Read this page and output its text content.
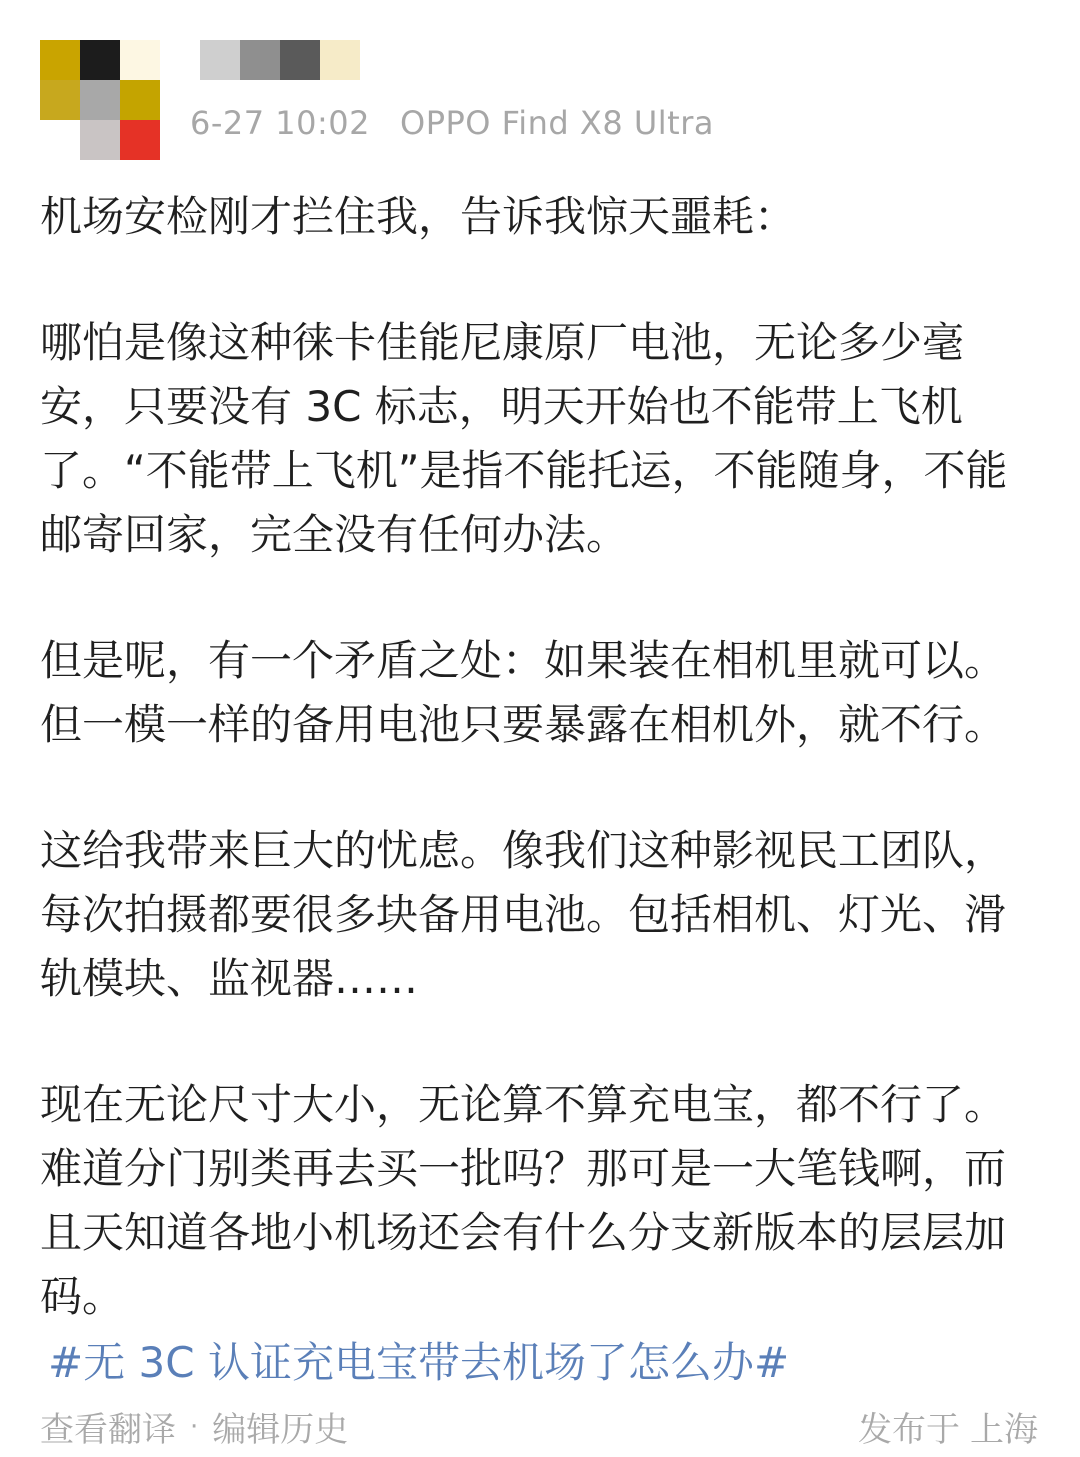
6-27 10:02 OPPO Find X8 Ultra

机场安检刚才拦住我，告诉我惊天噩耗：

哪怕是像这种徕卡佳能尼康原厂电池，无论多少毫安，只要没有 3C 标志，明天开始也不能带上飞机了。“不能带上飞机”是指不能托运，不能随身，不能邮寄回家，完全没有任何办法。

但是呢，有一个矛盾之处：如果装在相机里就可以。但一模一样的备用电池只要暴露在相机外，就不行。

这给我带来巨大的忧虑。像我们这种影视民工团队，每次拍摄都要很多块备用电池。包括相机、灯光、滑轨模块、监视器……

现在无论尺寸大小，无论算不算充电宝，都不行了。难道分门别类再去买一批吗？那可是一大笔钱啊，而且天知道各地小机场还会有什么分支新版本的层层加码。

#无 3C 认证充电宝带去机场了怎么办#
查看翻译 · 编辑历史	发布于 上海
